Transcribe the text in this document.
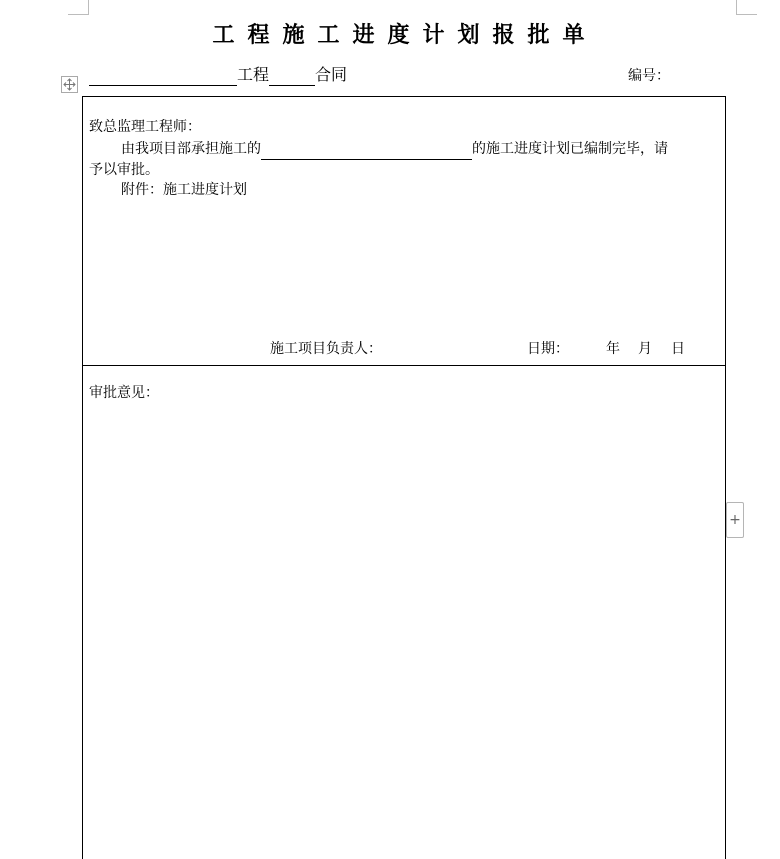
工程施工进度计划报批单
工程	合同	编号：
致总监理工程师：
由我项目部承担施工的	的施工进度计划已编制完毕，请
予以审批。
附件：施工进度计划
施工项目负责人：	日期：	年 月 日
审批意见：
+
